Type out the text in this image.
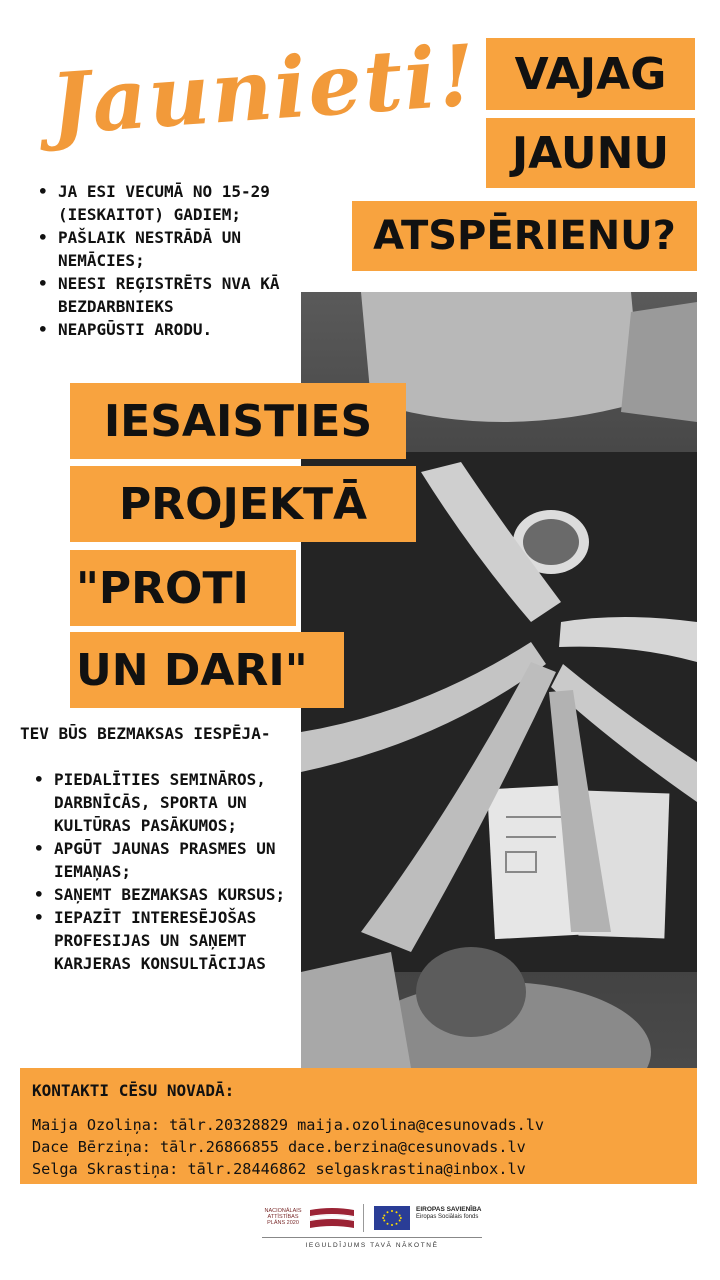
Jaunieti! VAJAG
JAUNU
ATSPĒRIENU?
• JA ESI VECUMĀ NO 15-29 (IESKAITOT) GADIEM;
• PAŠLAIK NESTRĀDĀ UN NEMĀCIES;
• NEESI REĢISTRĒTS NVA KĀ BEZDARBNIEKS
• NEAPGŪSTI ARODU.
IESAISTIES
PROJEKTĀ
"PROTI
UN DARI"
TEV BŪS BEZMAKSAS IESPĒJA-
• PIEDALĪTIES SEMINĀROS, DARBNĪCĀS, SPORTA UN KULTŪRAS PASĀKUMOS;
• APGŪT JAUNAS PRASMES UN IEMAŅAS;
• SAŅEMT BEZMAKSAS KURSUS;
• IEPAZĪT INTERESĒJOŠAS PROFESIJAS UN SAŅEMT KARJERAS KONSULTĀCIJAS
KONTAKTI CĒSU NOVADĀ:
Maija Ozoliņa: tālr.20328829 maija.ozolina@cesunovads.lv
Dace Bērziņa: tālr.26866855 dace.berzina@cesunovads.lv
Selga Skrastiņa: tālr.28446862 selgaskrastina@inbox.lv
NACIONĀLAIS ATTĪSTĪBAS PLĀNS 2020
EIROPAS SAVIENĪBA
Eiropas Sociālais fonds
IEGULDĪJUMS TAVĀ NĀKOTNĒ
